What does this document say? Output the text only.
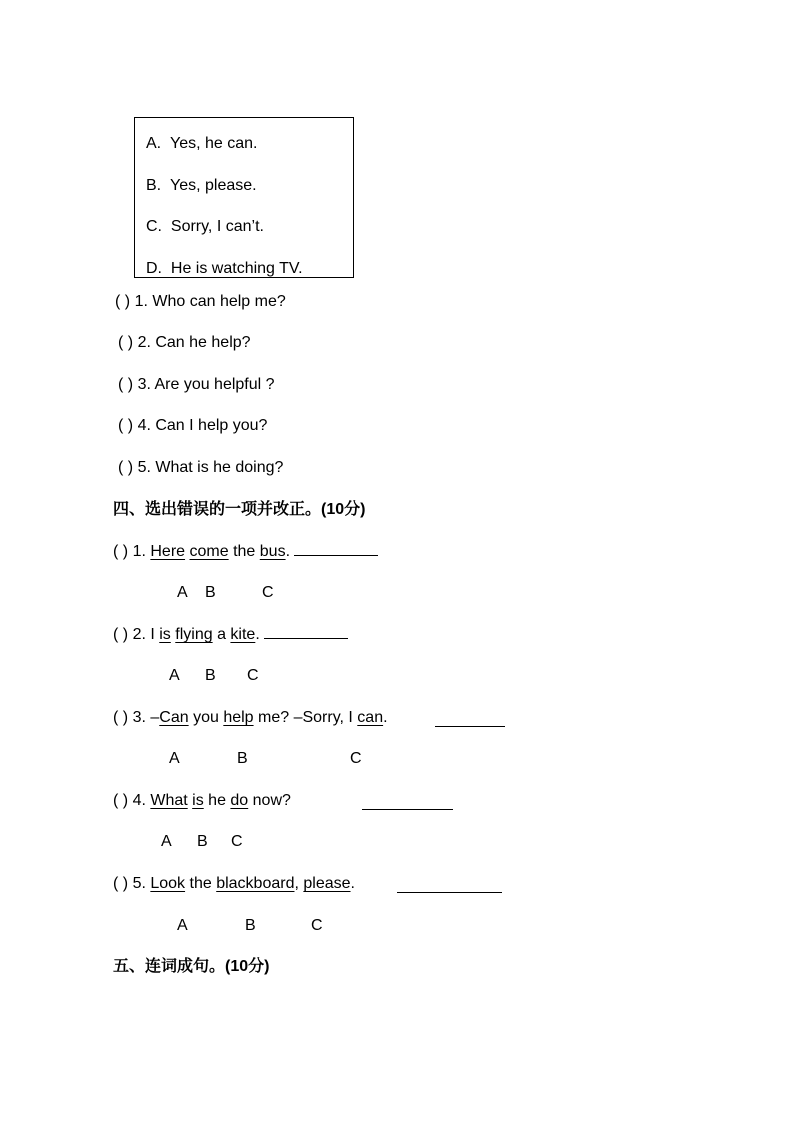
A. Yes, he can.
B. Yes, please.
C. Sorry, I can’t.
D. He is watching TV.
( ) 1. Who can help me?
( ) 2. Can he help?
( ) 3. Are you helpful ?
( ) 4. Can I help you?
( ) 5. What is he doing?
四、选出错误的一项并改正。(10分)
( ) 1. Here come the bus.
A B	C
( ) 2. I is flying a kite.
A B C
( ) 3. –Can you help me? –Sorry, I can.
A	B	C
( ) 4. What is he do now?
A B C
( ) 5. Look the blackboard, please.
A	B	C
五、连词成句。(10分)
